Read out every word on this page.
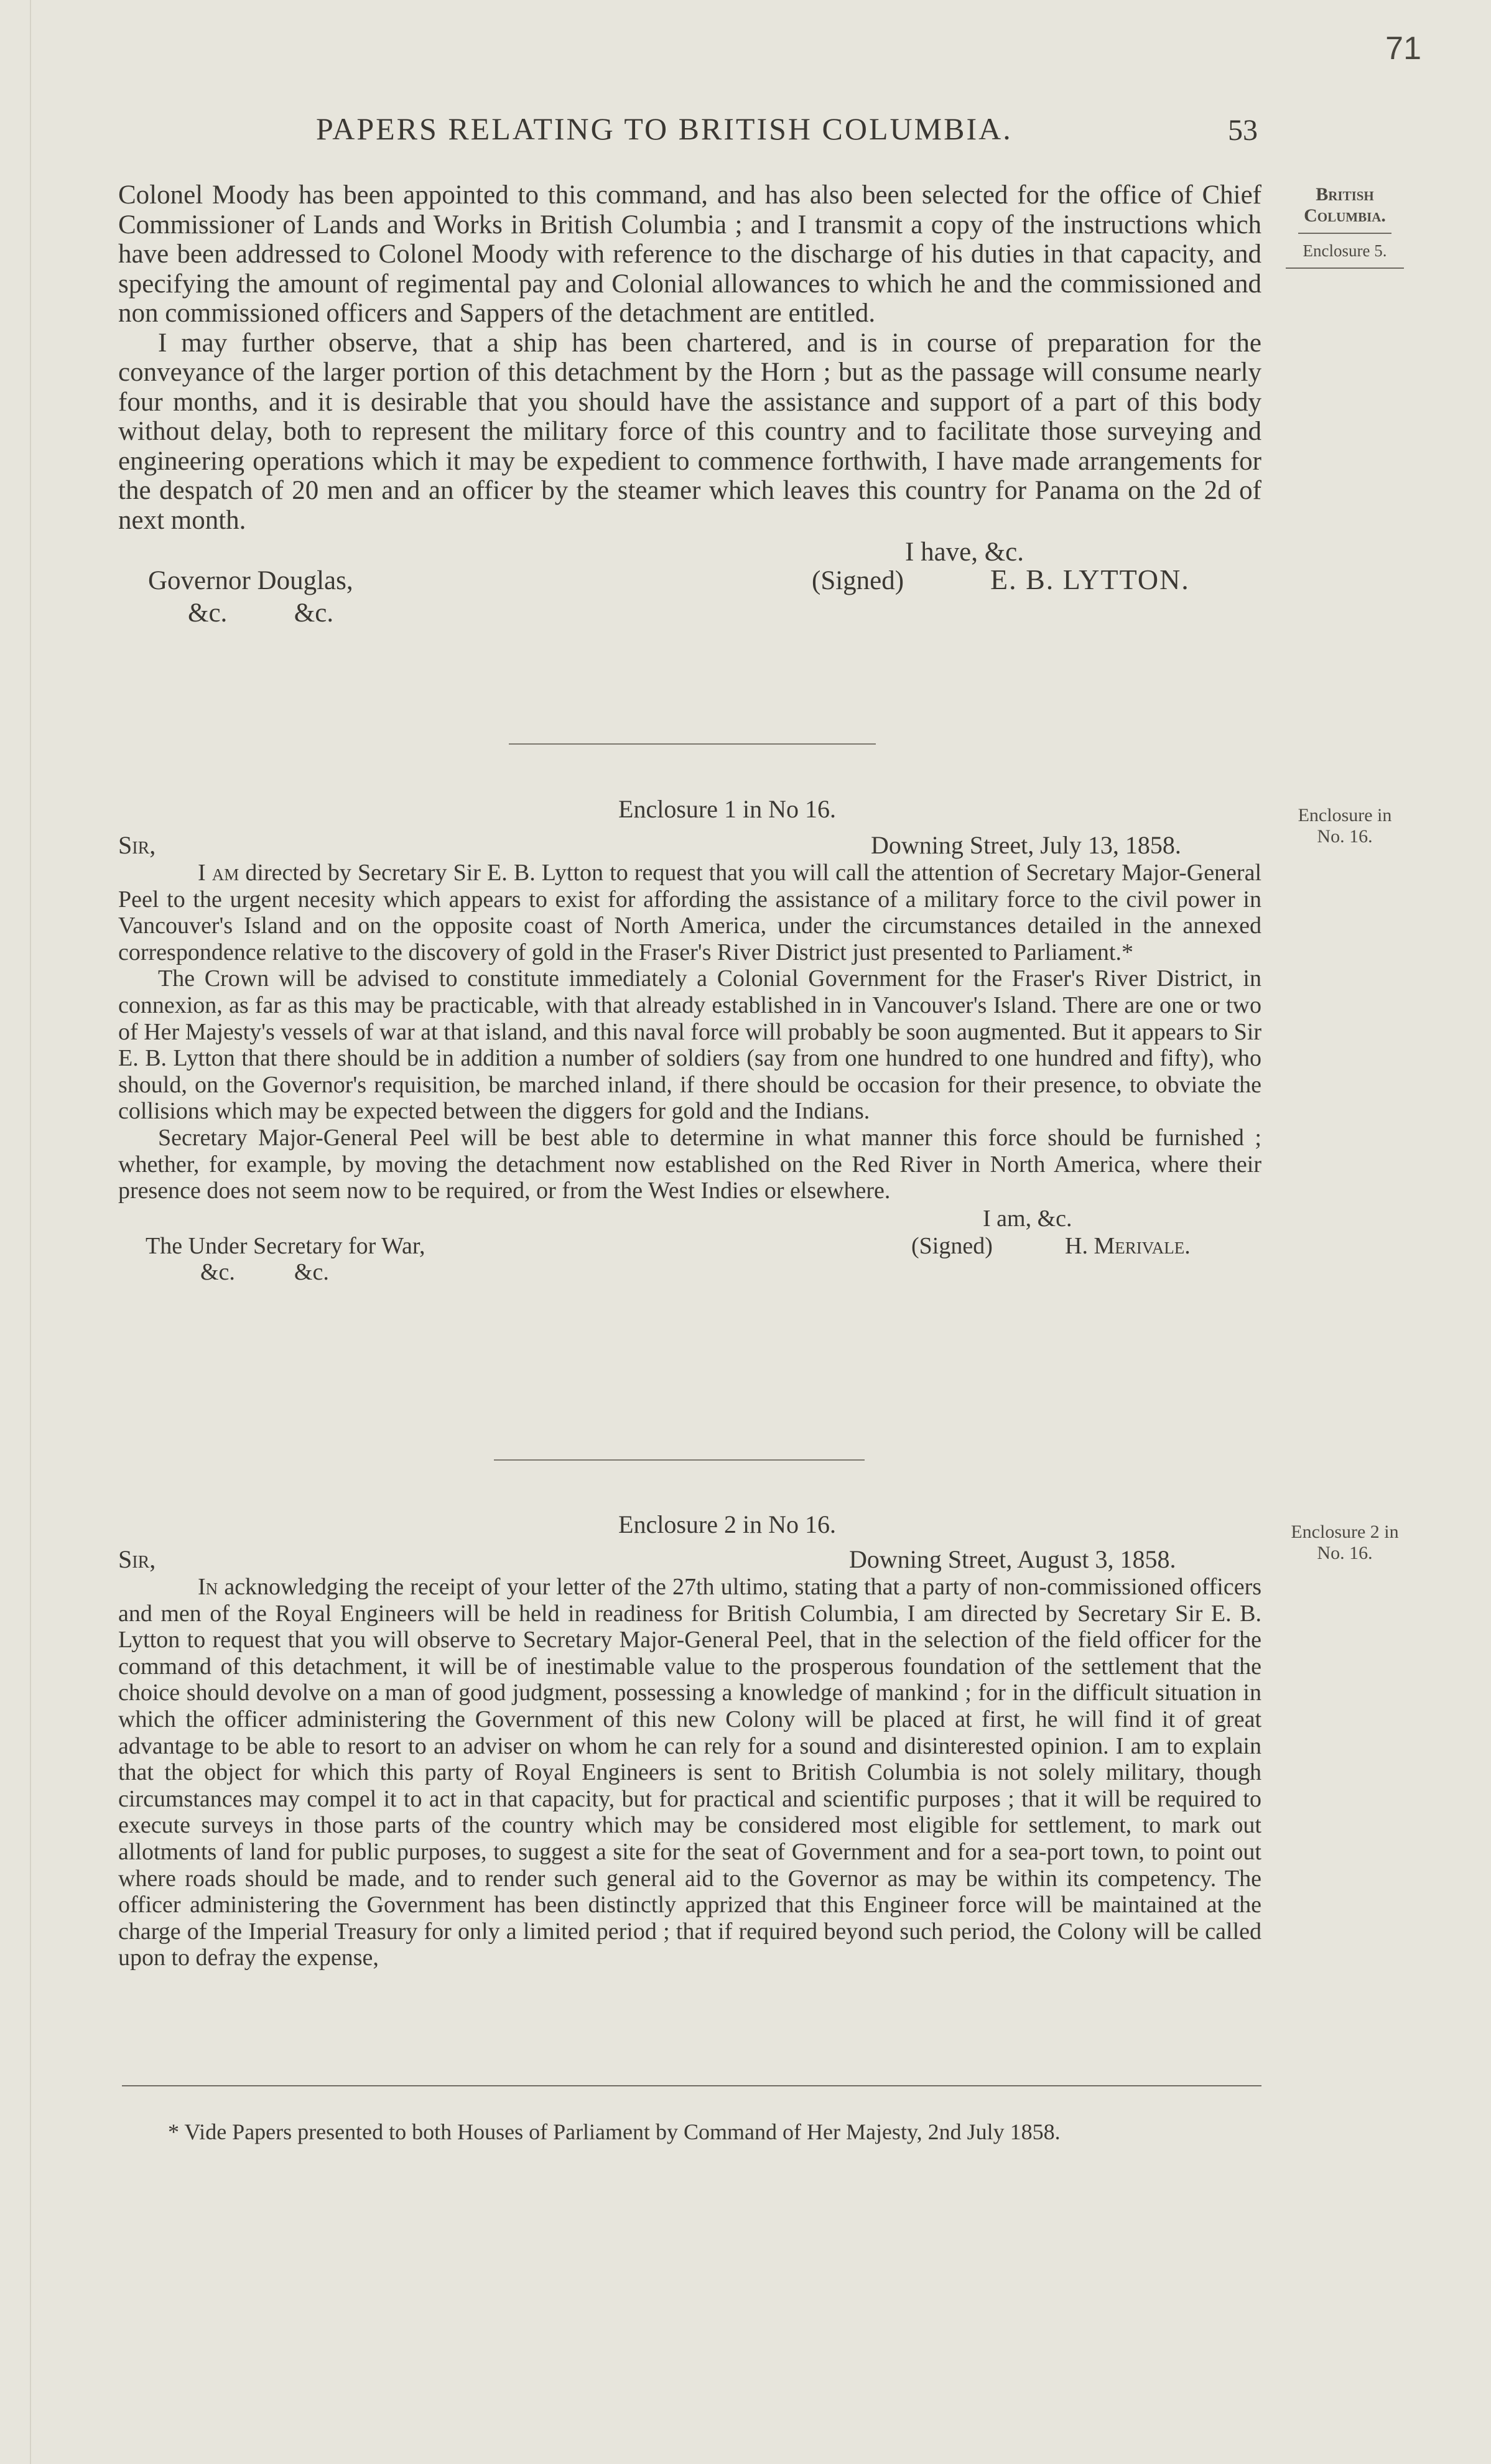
71
PAPERS RELATING TO BRITISH COLUMBIA.	53
British
Columbia.
Enclosure 5.
Enclosure in
No. 16.
Enclosure 2 in
No. 16.

Colonel Moody has been appointed to this command, and has also been selected for the office of Chief Commissioner of Lands and Works in British Columbia ; and I transmit a copy of the instructions which have been addressed to Colonel Moody with reference to the discharge of his duties in that capacity, and specifying the amount of regimental pay and Colonial allowances to which he and the commissioned and non commissioned officers and Sappers of the detachment are entitled.

I may further observe, that a ship has been chartered, and is in course of preparation for the conveyance of the larger portion of this detachment by the Horn ; but as the passage will consume nearly four months, and it is desirable that you should have the assistance and support of a part of this body without delay, both to represent the military force of this country and to facilitate those surveying and engineering operations which it may be expedient to commence forthwith, I have made arrangements for the despatch of 20 men and an officer by the steamer which leaves this country for Panama on the 2d of next month.

I have, &c.
Governor Douglas,	(Signed)	E. B. LYTTON.
&c.          &c.
Enclosure 1 in No 16.
Sir,	Downing Street, July 13, 1858.

I am directed by Secretary Sir E. B. Lytton to request that you will call the attention of Secretary Major-General Peel to the urgent necesity which appears to exist for affording the assistance of a military force to the civil power in Vancouver's Island and on the opposite coast of North America, under the circumstances detailed in the annexed correspondence relative to the discovery of gold in the Fraser's River District just presented to Parliament.*

The Crown will be advised to constitute immediately a Colonial Government for the Fraser's River District, in connexion, as far as this may be practicable, with that already established in in Vancouver's Island. There are one or two of Her Majesty's vessels of war at that island, and this naval force will probably be soon augmented. But it appears to Sir E. B. Lytton that there should be in addition a number of soldiers (say from one hundred to one hundred and fifty), who should, on the Governor's requisition, be marched inland, if there should be occasion for their presence, to obviate the collisions which may be expected between the diggers for gold and the Indians.

Secretary Major-General Peel will be best able to determine in what manner this force should be furnished ; whether, for example, by moving the detachment now established on the Red River in North America, where their presence does not seem now to be required, or from the West Indies or elsewhere.

I am, &c.
The Under Secretary for War,	(Signed)	H. Merivale.
&c.          &c.
Enclosure 2 in No 16.
Sir,	Downing Street, August 3, 1858.

In acknowledging the receipt of your letter of the 27th ultimo, stating that a party of non-commissioned officers and men of the Royal Engineers will be held in readiness for British Columbia, I am directed by Secretary Sir E. B. Lytton to request that you will observe to Secretary Major-General Peel, that in the selection of the field officer for the command of this detachment, it will be of inestimable value to the prosperous foundation of the settlement that the choice should devolve on a man of good judgment, possessing a knowledge of mankind ; for in the difficult situation in which the officer administering the Government of this new Colony will be placed at first, he will find it of great advantage to be able to resort to an adviser on whom he can rely for a sound and disinterested opinion. I am to explain that the object for which this party of Royal Engineers is sent to British Columbia is not solely military, though circumstances may compel it to act in that capacity, but for practical and scientific purposes ; that it will be required to execute surveys in those parts of the country which may be considered most eligible for settlement, to mark out allotments of land for public purposes, to suggest a site for the seat of Government and for a sea-port town, to point out where roads should be made, and to render such general aid to the Governor as may be within its competency. The officer administering the Government has been distinctly apprized that this Engineer force will be maintained at the charge of the Imperial Treasury for only a limited period ; that if required beyond such period, the Colony will be called upon to defray the expense,

* Vide Papers presented to both Houses of Parliament by Command of Her Majesty, 2nd July 1858.
